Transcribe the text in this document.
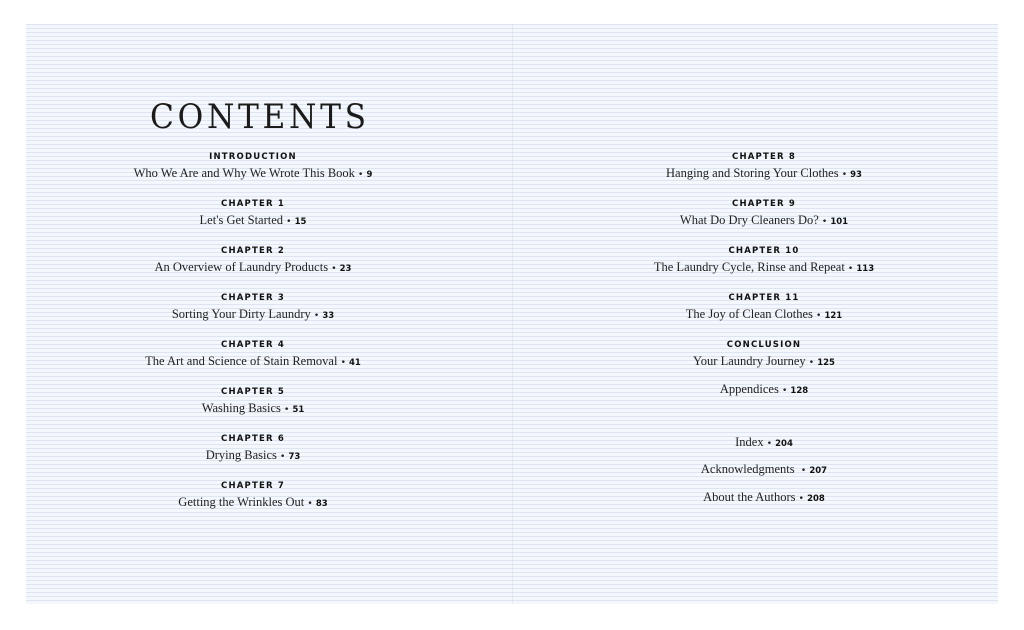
CONTENTS
INTRODUCTION
Who We Are and Why We Wrote This Book • 9
CHAPTER 1
Let's Get Started • 15
CHAPTER 2
An Overview of Laundry Products • 23
CHAPTER 3
Sorting Your Dirty Laundry • 33
CHAPTER 4
The Art and Science of Stain Removal • 41
CHAPTER 5
Washing Basics • 51
CHAPTER 6
Drying Basics • 73
CHAPTER 7
Getting the Wrinkles Out • 83
CHAPTER 8
Hanging and Storing Your Clothes • 93
CHAPTER 9
What Do Dry Cleaners Do? • 101
CHAPTER 10
The Laundry Cycle, Rinse and Repeat • 113
CHAPTER 11
The Joy of Clean Clothes • 121
CONCLUSION
Your Laundry Journey • 125
Appendices • 128
Index • 204
Acknowledgments  • 207
About the Authors • 208
